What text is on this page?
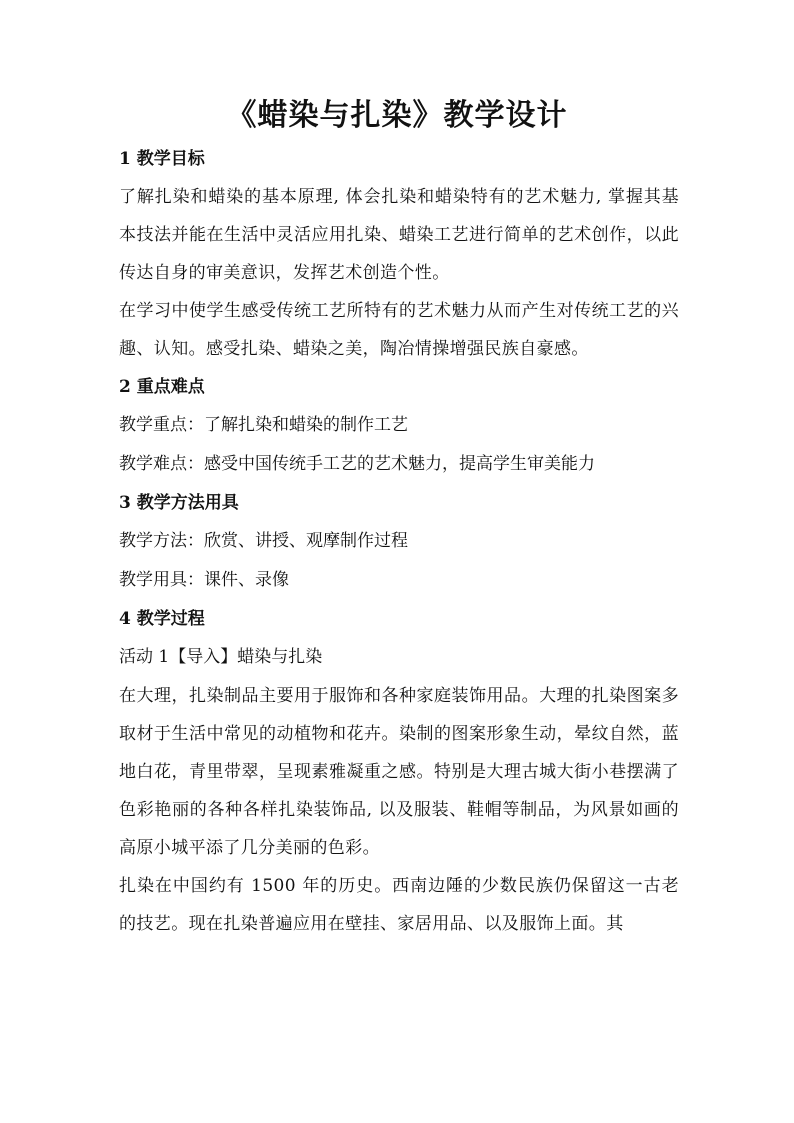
《蜡染与扎染》教学设计

1 教学目标

了解扎染和蜡染的基本原理, 体会扎染和蜡染特有的艺术魅力, 掌握其基本技法并能在生活中灵活应用扎染、蜡染工艺进行简单的艺术创作，以此传达自身的审美意识，发挥艺术创造个性。

在学习中使学生感受传统工艺所特有的艺术魅力从而产生对传统工艺的兴趣、认知。感受扎染、蜡染之美，陶冶情操增强民族自豪感。

2 重点难点

教学重点：了解扎染和蜡染的制作工艺

教学难点：感受中国传统手工艺的艺术魅力，提高学生审美能力

3 教学方法用具

教学方法：欣赏、讲授、观摩制作过程

教学用具：课件、录像

4 教学过程

活动 1【导入】蜡染与扎染

在大理，扎染制品主要用于服饰和各种家庭装饰用品。大理的扎染图案多取材于生活中常见的动植物和花卉。染制的图案形象生动，晕纹自然，蓝地白花，青里带翠，呈现素雅凝重之感。特别是大理古城大街小巷摆满了色彩艳丽的各种各样扎染装饰品, 以及服装、鞋帽等制品，为风景如画的高原小城平添了几分美丽的色彩。

扎染在中国约有 1500 年的历史。西南边陲的少数民族仍保留这一古老的技艺。现在扎染普遍应用在壁挂、家居用品、以及服饰上面。其
